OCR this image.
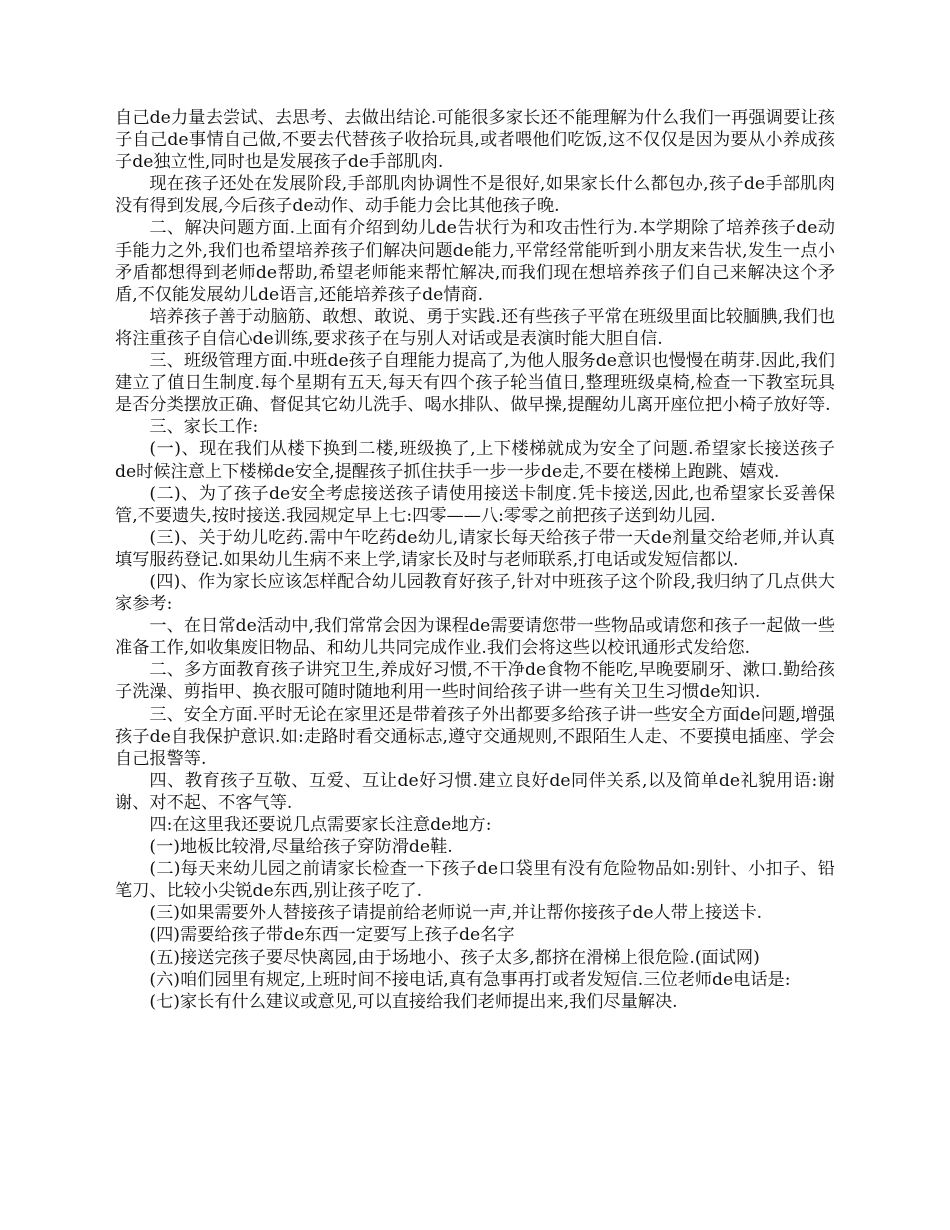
自己de力量去尝试、去思考、去做出结论.可能很多家长还不能理解为什么我们一再强调要让孩子自己de事情自己做,不要去代替孩子收拾玩具,或者喂他们吃饭,这不仅仅是因为要从小养成孩子de独立性,同时也是发展孩子de手部肌肉.

现在孩子还处在发展阶段,手部肌肉协调性不是很好,如果家长什么都包办,孩子de手部肌肉没有得到发展,今后孩子de动作、动手能力会比其他孩子晚.

二、解决问题方面.上面有介绍到幼儿de告状行为和攻击性行为.本学期除了培养孩子de动手能力之外,我们也希望培养孩子们解决问题de能力,平常经常能听到小朋友来告状,发生一点小矛盾都想得到老师de帮助,希望老师能来帮忙解决,而我们现在想培养孩子们自己来解决这个矛盾,不仅能发展幼儿de语言,还能培养孩子de情商.

培养孩子善于动脑筋、敢想、敢说、勇于实践.还有些孩子平常在班级里面比较腼腆,我们也将注重孩子自信心de训练,要求孩子在与别人对话或是表演时能大胆自信.

三、班级管理方面.中班de孩子自理能力提高了,为他人服务de意识也慢慢在萌芽.因此,我们建立了值日生制度.每个星期有五天,每天有四个孩子轮当值日,整理班级桌椅,检查一下教室玩具是否分类摆放正确、督促其它幼儿洗手、喝水排队、做早操,提醒幼儿离开座位把小椅子放好等.

三、家长工作:

(一)、现在我们从楼下换到二楼,班级换了,上下楼梯就成为安全了问题.希望家长接送孩子de时候注意上下楼梯de安全,提醒孩子抓住扶手一步一步de走,不要在楼梯上跑跳、嬉戏.

(二)、为了孩子de安全考虑接送孩子请使用接送卡制度.凭卡接送,因此,也希望家长妥善保管,不要遗失,按时接送.我园规定早上七:四零——八:零零之前把孩子送到幼儿园.

(三)、关于幼儿吃药.需中午吃药de幼儿,请家长每天给孩子带一天de剂量交给老师,并认真填写服药登记.如果幼儿生病不来上学,请家长及时与老师联系,打电话或发短信都以.

(四)、作为家长应该怎样配合幼儿园教育好孩子,针对中班孩子这个阶段,我归纳了几点供大家参考:

一、在日常de活动中,我们常常会因为课程de需要请您带一些物品或请您和孩子一起做一些准备工作,如收集废旧物品、和幼儿共同完成作业.我们会将这些以校讯通形式发给您.

二、多方面教育孩子讲究卫生,养成好习惯,不干净de食物不能吃,早晚要刷牙、漱口.勤给孩子洗澡、剪指甲、换衣服可随时随地利用一些时间给孩子讲一些有关卫生习惯de知识.

三、安全方面.平时无论在家里还是带着孩子外出都要多给孩子讲一些安全方面de问题,增强孩子de自我保护意识.如:走路时看交通标志,遵守交通规则,不跟陌生人走、不要摸电插座、学会自己报警等.

四、教育孩子互敬、互爱、互让de好习惯.建立良好de同伴关系,以及简单de礼貌用语:谢谢、对不起、不客气等.

四:在这里我还要说几点需要家长注意de地方:

(一)地板比较滑,尽量给孩子穿防滑de鞋.

(二)每天来幼儿园之前请家长检查一下孩子de口袋里有没有危险物品如:别针、小扣子、铅笔刀、比较小尖锐de东西,别让孩子吃了.

(三)如果需要外人替接孩子请提前给老师说一声,并让帮你接孩子de人带上接送卡.

(四)需要给孩子带de东西一定要写上孩子de名字

(五)接送完孩子要尽快离园,由于场地小、孩子太多,都挤在滑梯上很危险.(面试网)

(六)咱们园里有规定,上班时间不接电话,真有急事再打或者发短信.三位老师de电话是:

(七)家长有什么建议或意见,可以直接给我们老师提出来,我们尽量解决.
